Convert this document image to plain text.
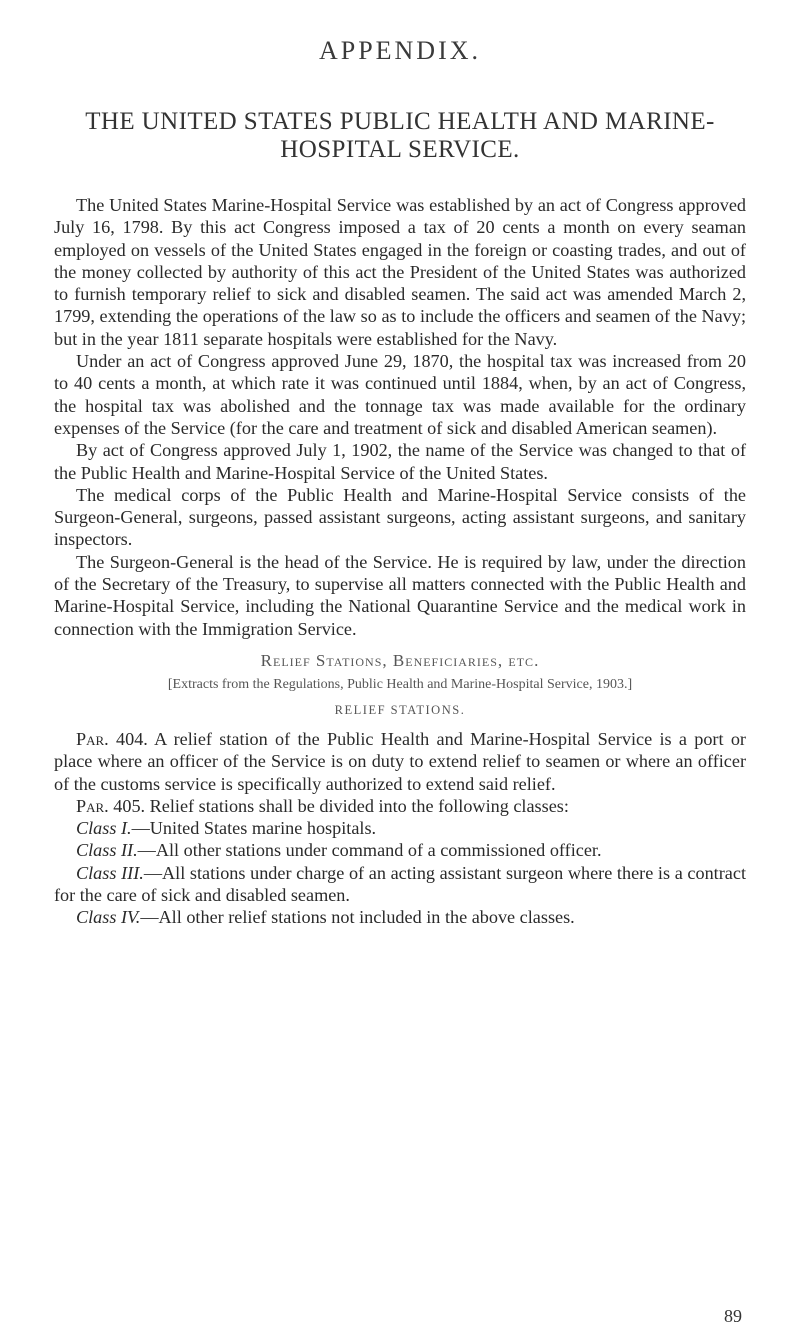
APPENDIX.
THE UNITED STATES PUBLIC HEALTH AND MARINE-HOSPITAL SERVICE.

The United States Marine-Hospital Service was established by an act of Congress approved July 16, 1798. By this act Congress imposed a tax of 20 cents a month on every seaman employed on vessels of the United States engaged in the foreign or coasting trades, and out of the money collected by authority of this act the President of the United States was authorized to furnish temporary relief to sick and disabled seamen. The said act was amended March 2, 1799, extending the operations of the law so as to include the officers and seamen of the Navy; but in the year 1811 separate hospitals were established for the Navy.

Under an act of Congress approved June 29, 1870, the hospital tax was increased from 20 to 40 cents a month, at which rate it was continued until 1884, when, by an act of Congress, the hospital tax was abolished and the tonnage tax was made available for the ordinary expenses of the Service (for the care and treatment of sick and disabled American seamen).

By act of Congress approved July 1, 1902, the name of the Service was changed to that of the Public Health and Marine-Hospital Service of the United States.

The medical corps of the Public Health and Marine-Hospital Service consists of the Surgeon-General, surgeons, passed assistant surgeons, acting assistant surgeons, and sanitary inspectors.

The Surgeon-General is the head of the Service. He is required by law, under the direction of the Secretary of the Treasury, to supervise all matters connected with the Public Health and Marine-Hospital Service, including the National Quarantine Service and the medical work in connection with the Immigration Service.

Relief Stations, Beneficiaries, etc.
[Extracts from the Regulations, Public Health and Marine-Hospital Service, 1903.]
RELIEF STATIONS.

Par. 404. A relief station of the Public Health and Marine-Hospital Service is a port or place where an officer of the Service is on duty to extend relief to seamen or where an officer of the customs service is specifically authorized to extend said relief.

Par. 405. Relief stations shall be divided into the following classes:

Class I.—United States marine hospitals.

Class II.—All other stations under command of a commissioned officer.

Class III.—All stations under charge of an acting assistant surgeon where there is a contract for the care of sick and disabled seamen.

Class IV.—All other relief stations not included in the above classes.

89
